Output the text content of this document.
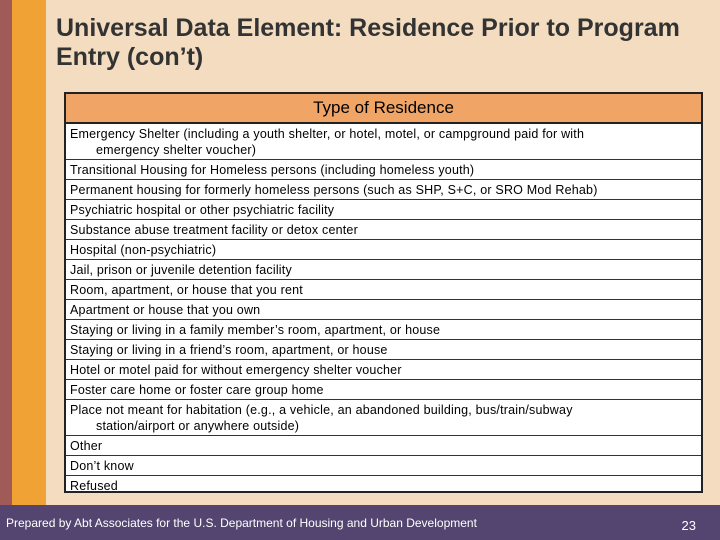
Universal Data Element: Residence Prior to Program Entry (con’t)
Type of Residence
Emergency Shelter (including a youth shelter, or hotel, motel, or campground paid for with
emergency shelter voucher)
Transitional Housing for Homeless persons (including homeless youth)
Permanent housing for formerly homeless persons (such as SHP, S+C, or SRO Mod Rehab)
Psychiatric hospital or other psychiatric facility
Substance abuse treatment facility or detox center
Hospital (non-psychiatric)
Jail, prison or juvenile detention facility
Room, apartment, or house that you rent
Apartment or house that you own
Staying or living in a family member’s room, apartment, or house
Staying or living in a friend’s room, apartment, or house
Hotel or motel paid for without emergency shelter voucher
Foster care home or foster care group home
Place not meant for habitation (e.g., a vehicle, an abandoned building, bus/train/subway
station/airport or anywhere outside)
Other
Don’t know
Refused
Prepared by Abt Associates for the U.S. Department of Housing and Urban Development	23
